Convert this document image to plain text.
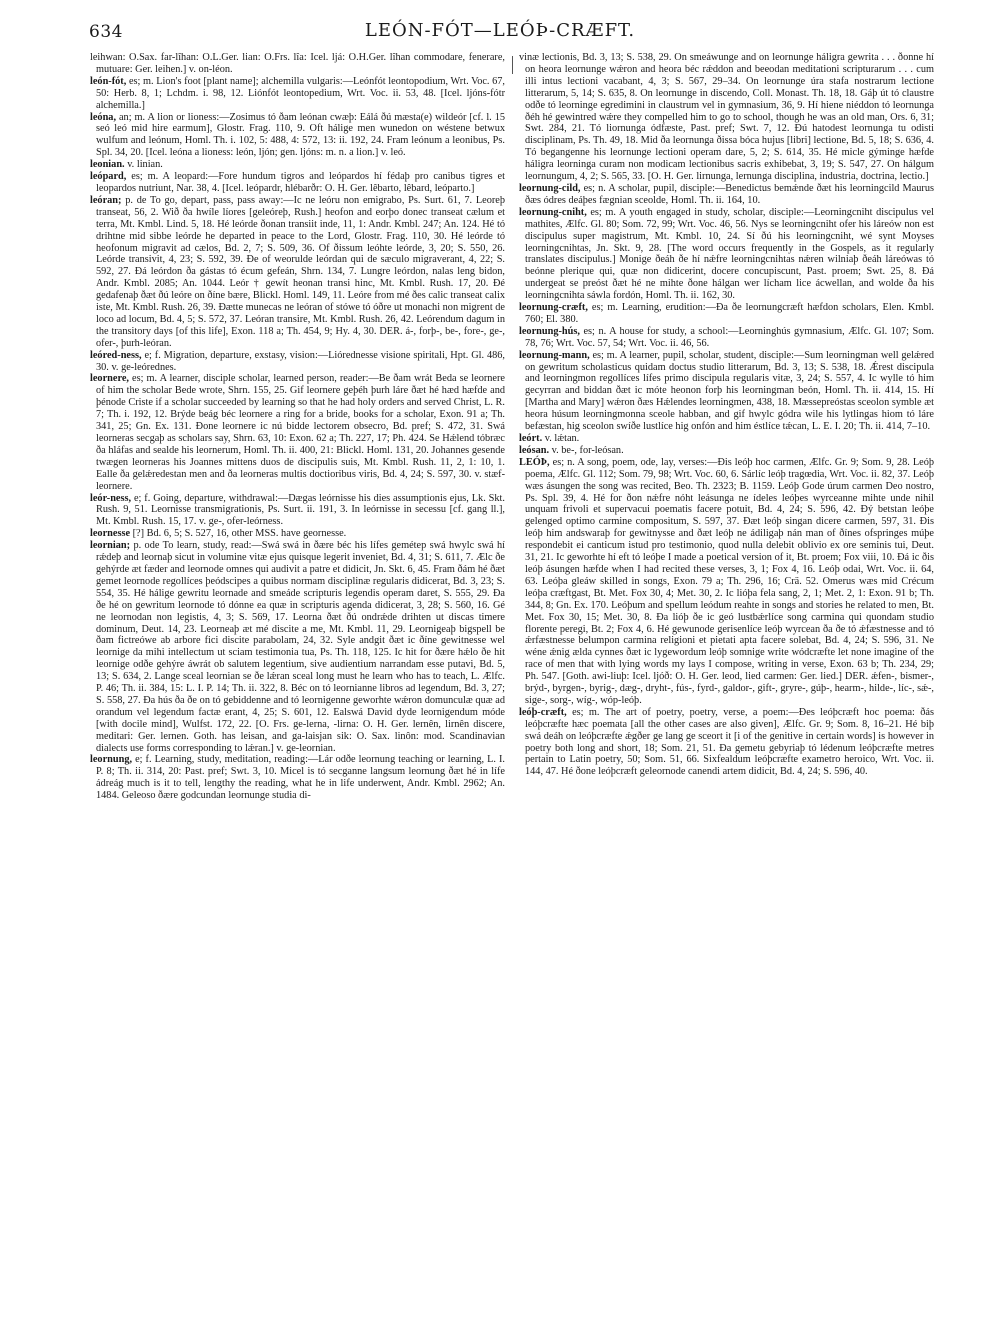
634	LEÓN-FÓT—LEÓÞ-CRÆFT.

leihwan: O.Sax. far-lîhan: O.L.Ger. lian: O.Frs. lîa: Icel. ljá: O.H.Ger. lîhan commodare, fenerare, mutuare: Ger. leihen.] v. on-léon.

león-fót, es; m. Lion's foot [plant name]; alchemilla vulgaris:—Leónfót leontopodium, Wrt. Voc. 67, 50: Herb. 8, 1; Lchdm. i. 98, 12. Liónfót leontopedium, Wrt. Voc. ii. 53, 48. [Icel. ljóns-fótr alchemilla.]

leóna, an; m. A lion or lioness:—Zosimus tó ðam leónan cwæþ: Eálá ðú mæsta(e) wildeór [cf. l. 15 seó leó mid hire earmum], Glostr. Frag. 110, 9. Oft hálige men wunedon on wéstene betwux wulfum and leónum, Homl. Th. i. 102, 5: 488, 4: 572, 13: ii. 192, 24. Fram leónum a leonibus, Ps. Spl. 34, 20. [Icel. leóna a lioness: león, ljón; gen. ljóns: m. n. a lion.] v. leó.

leonian. v. linian.

leópard, es; m. A leopard:—Fore hundum tigros and leópardos hí fédaþ pro canibus tigres et leopardos nutriunt, Nar. 38, 4. [Icel. leópardr, hlébarðr: O. H. Ger. lêbarto, lêbard, leóparto.]

leóran; p. de To go, depart, pass, pass away:—Ic ne leóru non emigrabo, Ps. Surt. 61, 7. Leoreþ transeat, 56, 2. Wið ða hwíle líores [geleóreþ, Rush.] heofon and eorþo donec transeat cælum et terra, Mt. Kmbl. Lind. 5, 18. Hé leórde ðonan transiit inde, 11, 1: Andr. Kmbl. 247; An. 124. Hé tó drihtne mid sibbe leórde he departed in peace to the Lord, Glostr. Frag. 110, 30. Hé leórde tó heofonum migravit ad cælos, Bd. 2, 7; S. 509, 36. Of ðissum leóhte leórde, 3, 20; S. 550, 26. Leórde transivit, 4, 23; S. 592, 39. Ðe of weorulde leórdan qui de sæculo migraverant, 4, 22; S. 592, 27. Ðá leórdon ða gástas tó écum gefeán, Shrn. 134, 7. Lungre leórdon, nalas leng bidon, Andr. Kmbl. 2085; An. 1044. Leór † gewít heonan transi hinc, Mt. Kmbl. Rush. 17, 20. Ðé gedafenaþ ðæt ðú leóre on ðíne bære, Blickl. Homl. 149, 11. Leóre from mé ðes calic transeat calix iste, Mt. Kmbl. Rush. 26, 39. Ðætte munecas ne leóran of stówe tó óðre ut monachi non migrent de loco ad locum, Bd. 4, 5; S. 572, 37. Leóran transire, Mt. Kmbl. Rush. 26, 42. Leórendum dagum in the transitory days [of this life], Exon. 118 a; Th. 454, 9; Hy. 4, 30. DER. á-, forþ-, be-, fore-, ge-, ofer-, þurh-leóran.

leóred-ness, e; f. Migration, departure, exstasy, vision:—Liórednesse visione spiritali, Hpt. Gl. 486, 30. v. ge-leórednes.

leornere, es; m. A learner, disciple scholar, learned person, reader:—Be ðam wrát Beda se leornere of him the scholar Bede wrote, Shrn. 155, 25. Gif leornere geþéh þurh láre ðæt hé hæd hæfde and þénode Criste if a scholar succeeded by learning so that he had holy orders and served Christ, L. R. 7; Th. i. 192, 12. Brýde beág béc leornere a ring for a bride, books for a scholar, Exon. 91 a; Th. 341, 25; Gn. Ex. 131. Ðone leornere ic nú bidde lectorem obsecro, Bd. pref; S. 472, 31. Swá leorneras secgaþ as scholars say, Shrn. 63, 10: Exon. 62 a; Th. 227, 17; Ph. 424. Se Hǽlend tóbræc ða hláfas and sealde his leornerum, Homl. Th. ii. 400, 21: Blickl. Homl. 131, 20. Johannes gesende twægen leorneras his Joannes mittens duos de discipulis suis, Mt. Kmbl. Rush. 11, 2, 1: 10, 1. Ealle ða gelǽredestan men and ða leorneras multis doctioribus viris, Bd. 4, 24; S. 597, 30. v. stæf-leornere.

leór-ness, e; f. Going, departure, withdrawal:—Dægas leórnisse his dies assumptionis ejus, Lk. Skt. Rush. 9, 51. Leornisse transmigrationis, Ps. Surt. ii. 191, 3. In leórnisse in secessu [cf. gang ll.], Mt. Kmbl. Rush. 15, 17. v. ge-, ofer-leórness.

leornesse [?] Bd. 6, 5; S. 527, 16, other MSS. have geornesse.

leornian; p. ode To learn, study, read:—Swá swá in ðære béc his lífes gemétep swá hwylc swá hí rǽdeþ and leornaþ sicut in volumine vitæ ejus quisque legerit inveniet, Bd. 4, 31; S. 611, 7. Ælc ðe gehýrde æt fæder and leornode omnes qui audivit a patre et didicit, Jn. Skt. 6, 45. Fram ðám hé ðæt gemet leornode regollíces þeódscipes a quibus normam disciplinæ regularis didicerat, Bd. 3, 23; S. 554, 35. Hé hálige gewritu leornade and smeáde scripturis legendis operam daret, S. 555, 29. Ða ðe hé on gewritum leornode tó dónne ea quæ in scripturis agenda didicerat, 3, 28; S. 560, 16. Gé ne leornodan non legistis, 4, 3; S. 569, 17. Leorna ðæt ðú ondrǽde drihten ut discas timere dominum, Deut. 14, 23. Leorneaþ æt mé discite a me, Mt. Kmbl. 11, 29. Leornigeaþ bigspell be ðam fictreówe ab arbore fici discite parabolam, 24, 32. Syle andgit ðæt ic ðíne gewitnesse wel leornige da mihi intellectum ut sciam testimonia tua, Ps. Th. 118, 125. Ic hit for ðære hǽlo ðe hit leornige odðe gehýre áwrát ob salutem legentium, sive audientium narrandam esse putavi, Bd. 5, 13; S. 634, 2. Lange sceal leornian se ðe lǽran sceal long must he learn who has to teach, L. Ælfc. P. 46; Th. ii. 384, 15: L. I. P. 14; Th. ii. 322, 8. Béc on tó leornianne libros ad legendum, Bd. 3, 27; S. 558, 27. Ða hús ða ðe on tó gebiddenne and tó leornigenne geworhte wǽron domunculæ quæ ad orandum vel legendum factæ erant, 4, 25; S. 601, 12. Ealswá David dyde leornigendum móde [with docile mind], Wulfst. 172, 22. [O. Frs. ge-lerna, -lirna: O. H. Ger. lernên, lirnên discere, meditari: Ger. lernen. Goth. has leisan, and ga-laisjan sik: O. Sax. linôn: mod. Scandinavian dialects use forms corresponding to lǽran.] v. ge-leornian.

leornung, e; f. Learning, study, meditation, reading:—Lár odðe leornung teaching or learning, L. I. P. 8; Th. ii. 314, 20: Past. pref; Swt. 3, 10. Micel is tó secganne langsum leornung ðæt hé in lífe ádreág much is it to tell, lengthy the reading, what he in life underwent, Andr. Kmbl. 2962; An. 1484. Geleoso ðære godcundan leornunge studia di-

vinæ lectionis, Bd. 3, 13; S. 538, 29. On smeáwunge and on leornunge háligra gewrita . . . ðonne hí on heora leornunge wǽron and heora béc rǽddon and beeodan meditationi scripturarum . . . cum illi intus lectioni vacabant, 4, 3; S. 567, 29–34. On leornunge úra stafa nostrarum lectione litterarum, 5, 14; S. 635, 8. On leornunge in discendo, Coll. Monast. Th. 18, 18. Gáþ út tó claustre odðe tó leorninge egredimini in claustrum vel in gymnasium, 36, 9. Hí hiene niéddon tó leornunga ðéh hé gewintred wǽre they compelled him to go to school, though he was an old man, Ors. 6, 31; Swt. 284, 21. Tó liornunga ódfæste, Past. pref; Swt. 7, 12. Ðú hatodest leornunga tu odisti disciplinam, Ps. Th. 49, 18. Mid ða leornunga ðissa bóca hujus [libri] lectione, Bd. 5, 18; S. 636, 4. Tó begangenne his leornunge lectioni operam dare, 5, 2; S. 614, 35. Hé micle gýminge hæfde háligra leorninga curam non modicam lectionibus sacris exhibebat, 3, 19; S. 547, 27. On hálgum leornungum, 4, 2; S. 565, 33. [O. H. Ger. lirnunga, lernunga disciplina, industria, doctrina, lectio.]

leornung-cild, es; n. A scholar, pupil, disciple:—Benedictus bemǽnde ðæt his leorningcild Maurus ðæs ódres deáþes fægnian sceolde, Homl. Th. ii. 164, 10.

leornung-cniht, es; m. A youth engaged in study, scholar, disciple:—Leorningcniht discipulus vel mathites, Ælfc. Gl. 80; Som. 72, 99; Wrt. Voc. 46, 56. Nys se leorningcniht ofer his láreów non est discipulus super magistrum, Mt. Kmbl. 10, 24. Sí ðú his leorningcniht, wé synt Moyses leorningcnihtas, Jn. Skt. 9, 28. [The word occurs frequently in the Gospels, as it regularly translates discipulus.] Monige ðeáh ðe hí nǽfre leorningcnihtas nǽren wilniaþ ðeáh láreówas tó beónne plerique qui, quæ non didicerint, docere concupiscunt, Past. proem; Swt. 25, 8. Ðá undergeat se preóst ðæt hé ne mihte ðone hálgan wer lícham lice ácwellan, and wolde ða his leorningcnihta sáwla fordón, Homl. Th. ii. 162, 30.

leornung-cræft, es; m. Learning, erudition:—Ða ðe leornungcræft hæfdon scholars, Elen. Kmbl. 760; El. 380.

leornung-hús, es; n. A house for study, a school:—Leorninghús gymnasium, Ælfc. Gl. 107; Som. 78, 76; Wrt. Voc. 57, 54; Wrt. Voc. ii. 46, 56.

leornung-mann, es; m. A learner, pupil, scholar, student, disciple:—Sum leorningman well gelǽred on gewritum scholasticus quidam doctus studio litterarum, Bd. 3, 13; S. 538, 18. Ǽrest discipula and leorningmon regollíces lífes primo discipula regularis vitæ, 3, 24; S. 557, 4. Ic wylle tó him gecyrran and biddan ðæt ic móte heonon forþ his leorningman beón, Homl. Th. ii. 414, 15. Hí [Martha and Mary] wǽron ðæs Hǽlendes leorningmen, 438, 18. Mæssepreóstas sceolon symble æt heora húsum leorningmonna sceole habban, and gif hwylc gódra wile his lytlingas hiom tó láre befæstan, hig sceolon swíðe lustlíce hig onfón and him éstlíce tǽcan, L. E. I. 20; Th. ii. 414, 7–10.

leórt. v. lǽtan.

leósan. v. be-, for-leósan.

LEÓÞ, es; n. A song, poem, ode, lay, verses:—Ðis leóþ hoc carmen, Ælfc. Gr. 9; Som. 9, 28. Leóþ poema, Ælfc. Gl. 112; Som. 79, 98; Wrt. Voc. 60, 6. Sárlíc leóþ tragœdia, Wrt. Voc. ii. 82, 37. Leóþ wæs ásungen the song was recited, Beo. Th. 2323; B. 1159. Leóþ Gode úrum carmen Deo nostro, Ps. Spl. 39, 4. Hé for ðon nǽfre nóht leásunga ne ídeles leóþes wyrceanne mihte unde nihil unquam frivoli et supervacui poematis facere potuit, Bd. 4, 24; S. 596, 42. Ðý betstan leóþe gelenged optimo carmine compositum, S. 597, 37. Ðæt leóþ singan dicere carmen, 597, 31. Ðis leóþ him andswaraþ for gewitnysse and ðæt leóþ ne ádiligaþ nán man of ðínes ofspringes múþe respondebit ei canticum istud pro testimonio, quod nulla delebit oblivio ex ore seminis tui, Deut. 31, 21. Ic geworhte hí eft tó leóþe I made a poetical version of it, Bt. proem; Fox viii, 10. Ðá ic ðis leóþ ásungen hæfde when I had recited these verses, 3, 1; Fox 4, 16. Leóþ odai, Wrt. Voc. ii. 64, 63. Leóþa gleáw skilled in songs, Exon. 79 a; Th. 296, 16; Crä. 52. Omerus wæs mid Crécum leóþa cræftgast, Bt. Met. Fox 30, 4; Met. 30, 2. Ic lióþa fela sang, 2, 1; Met. 2, 1: Exon. 91 b; Th. 344, 8; Gn. Ex. 170. Leóþum and spellum leódum reahte in songs and stories he related to men, Bt. Met. Fox 30, 15; Met. 30, 8. Ða lióþ ðe ic geó lustbǽrlíce song carmina qui quondam studio florente peregi, Bt. 2; Fox 4, 6. Hé gewunode gerisenlíce leóþ wyrcean ða ðe tó ǽfæstnesse and tó ǽrfæstnesse belumpon carmina religioni et pietati apta facere solebat, Bd. 4, 24; S. 596, 31. Ne wéne ǽnig ælda cynnes ðæt ic lygewordum leóþ somnige write wódcræfte let none imagine of the race of men that with lying words my lays I compose, writing in verse, Exon. 63 b; Th. 234, 29; Ph. 547. [Goth. awi-liuþ: Icel. ljóð: O. H. Ger. leod, lied carmen: Ger. lied.] DER. ǽfen-, bismer-, brýd-, byrgen-, byrig-, dæg-, dryht-, fús-, fyrd-, galdor-, gift-, gryre-, gúþ-, hearm-, hilde-, líc-, sǽ-, sige-, sorg-, wíg-, wóp-leóþ.

leóþ-cræft, es; m. The art of poetry, poetry, verse, a poem:—Ðes leóþcræft hoc poema: ðás leóþcræfte hæc poemata [all the other cases are also given], Ælfc. Gr. 9; Som. 8, 16–21. Hé biþ swá deáh on leóþcræfte ǽgðer ge lang ge sceort it [i of the genitive in certain words] is however in poetry both long and short, 18; Som. 21, 51. Ða gemetu gebyriaþ tó lédenum leóþcræfte metres pertain to Latin poetry, 50; Som. 51, 66. Sixfealdum leóþcræfte exametro heroico, Wrt. Voc. ii. 144, 47. Hé ðone leóþcræft geleornode canendi artem didicit, Bd. 4, 24; S. 596, 40.
